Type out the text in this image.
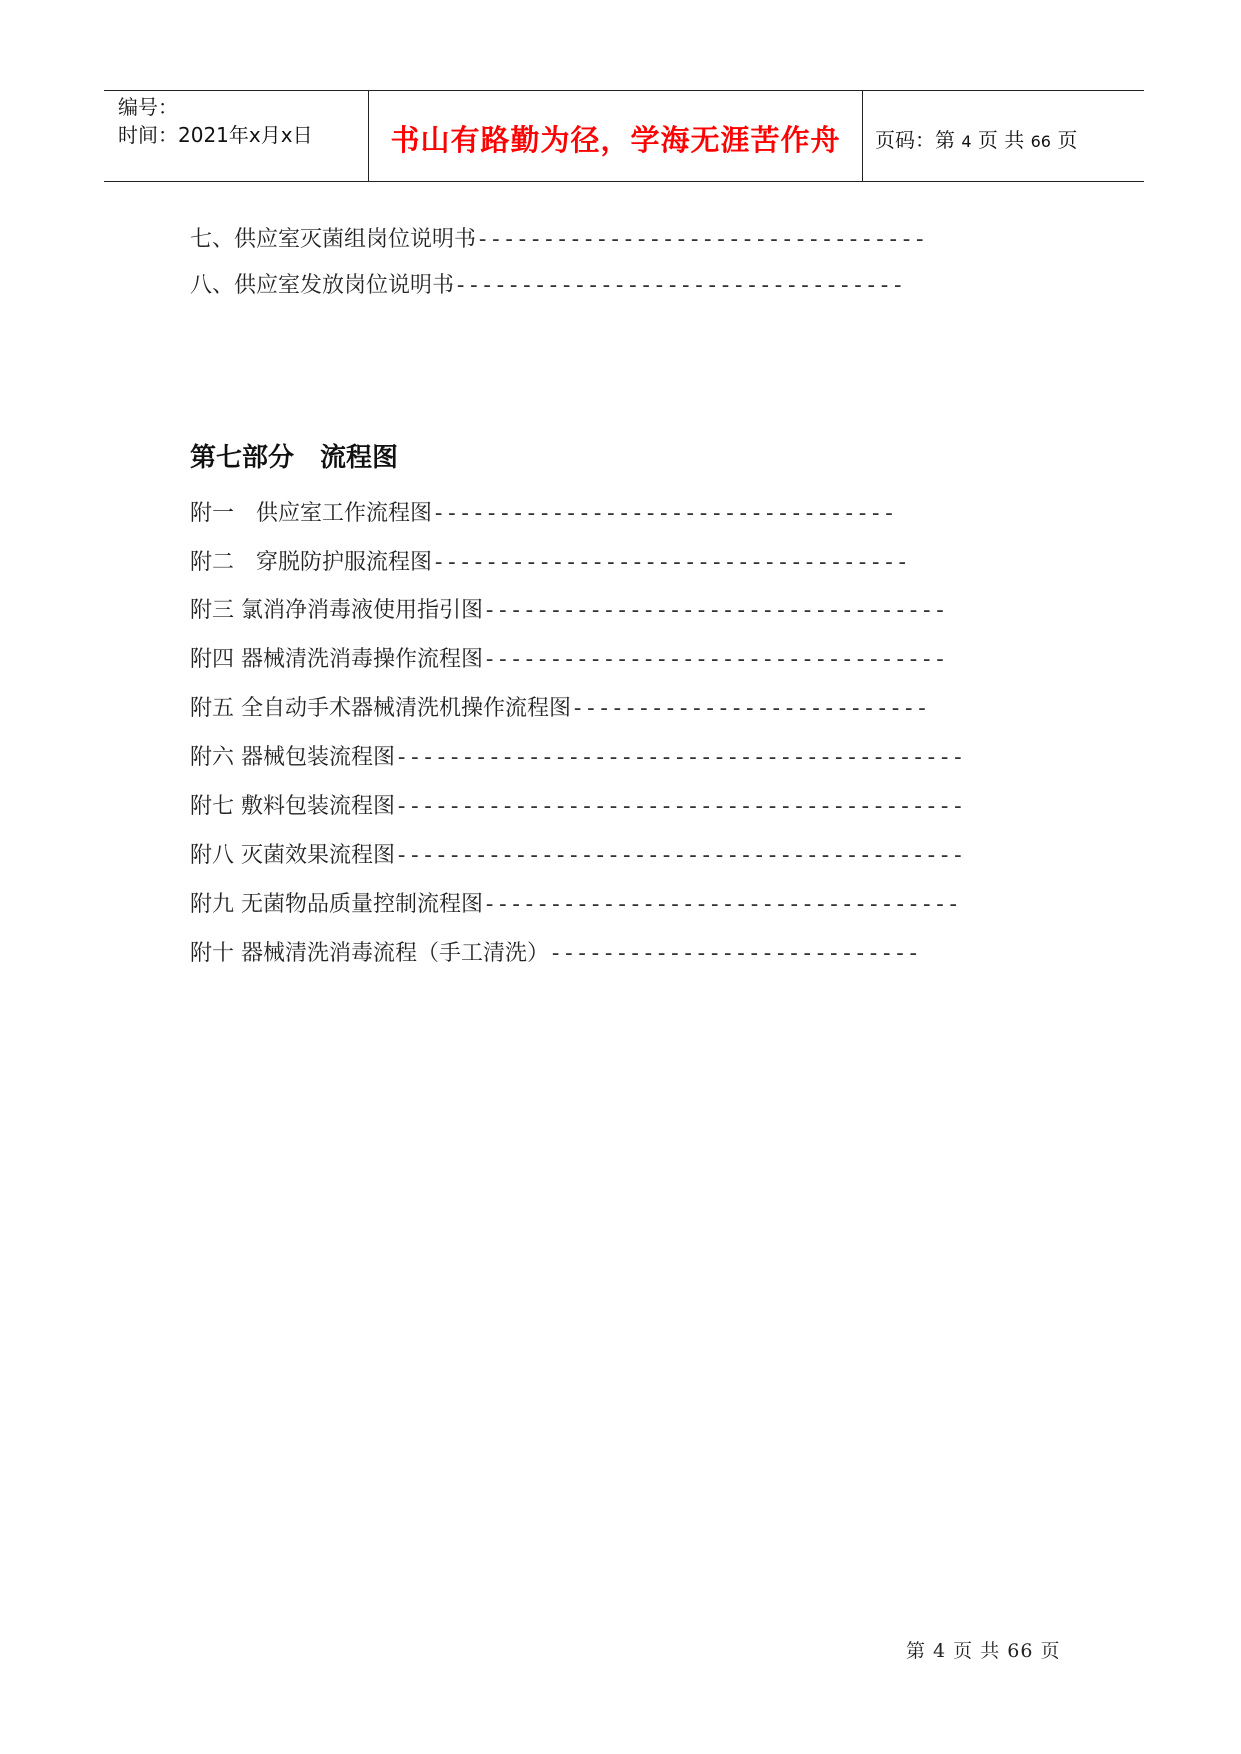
编号：
时间：2021年x月x日	书山有路勤为径，学海无涯苦作舟 页码：第 4 页 共 66 页
七、供应室灭菌组岗位说明书----------------------------------
八、供应室发放岗位说明书----------------------------------
第七部分　流程图
附一　供应室工作流程图-----------------------------------
附二　穿脱防护服流程图------------------------------------
附三 氯消净消毒液使用指引图-----------------------------------
附四 器械清洗消毒操作流程图-----------------------------------
附五 全自动手术器械清洗机操作流程图---------------------------
附六 器械包装流程图-------------------------------------------
附七 敷料包装流程图-------------------------------------------
附八 灭菌效果流程图-------------------------------------------
附九 无菌物品质量控制流程图------------------------------------
附十 器械清洗消毒流程（手工清洗）----------------------------
第 4 页 共 66 页
